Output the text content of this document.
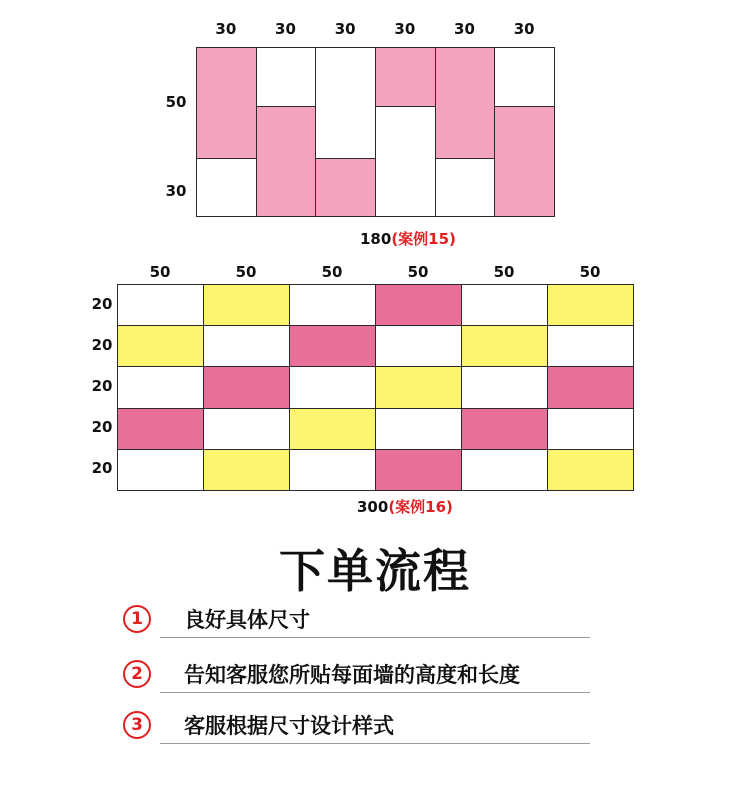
30	30	30	30	30	30
50
30
180(案例15)
50	50	50	50	50	50
20
20
20
20
20
300(案例16)
下单流程
1	良好具体尺寸
2	告知客服您所贴每面墙的高度和长度
3	客服根据尺寸设计样式
